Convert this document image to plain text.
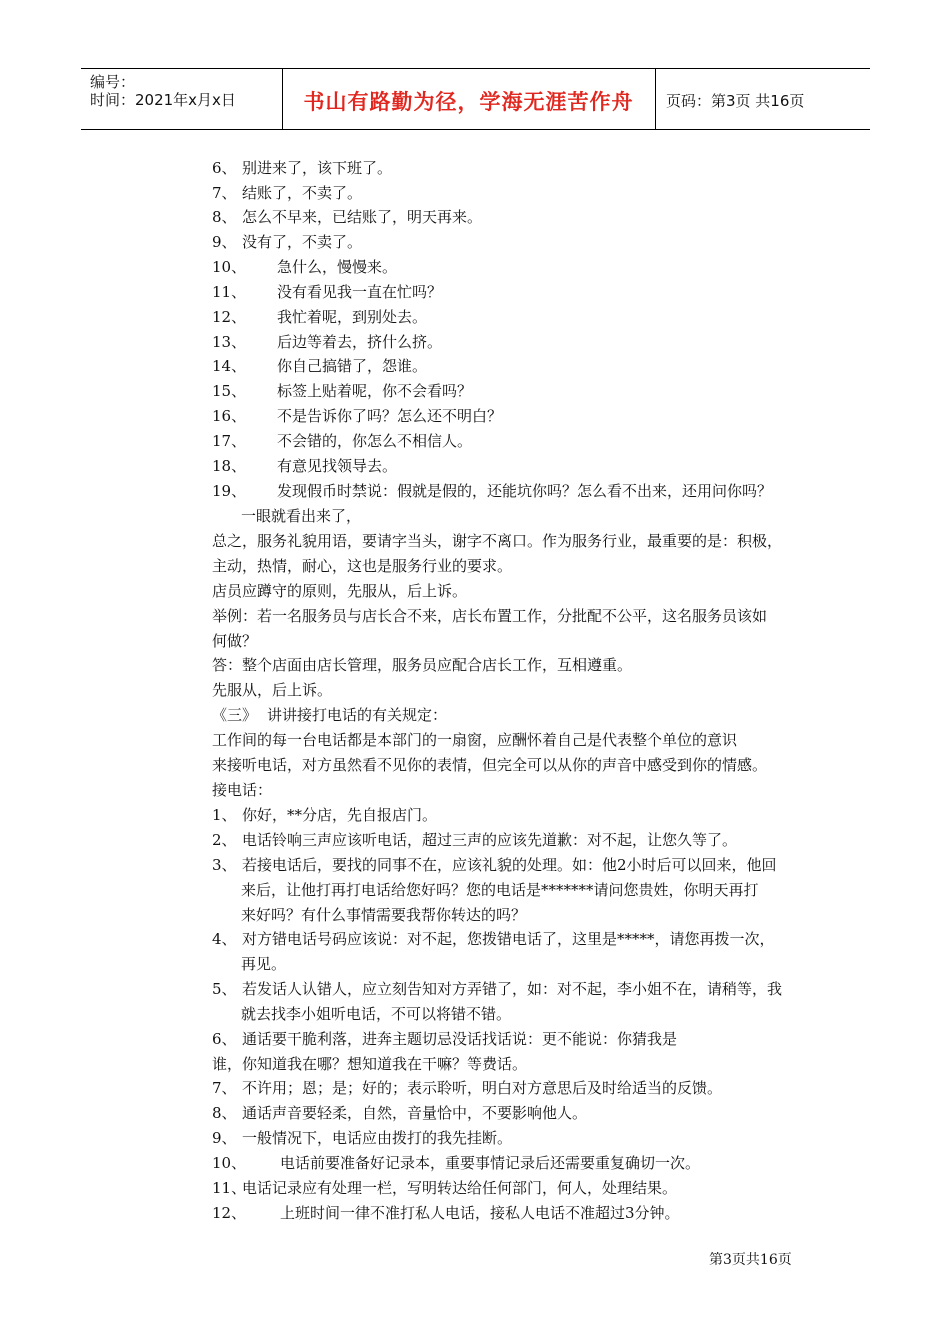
编号：
时间：2021年x月x日	书山有路勤为径，学海无涯苦作舟	页码：第3页 共16页
6、 别进来了，该下班了。
7、 结账了，不卖了。
8、 怎么不早来，已结账了，明天再来。
9、 没有了，不卖了。
10、 急什么，慢慢来。
11、 没有看见我一直在忙吗？
12、 我忙着呢，到别处去。
13、 后边等着去，挤什么挤。
14、 你自己搞错了，怨谁。
15、 标签上贴着呢，你不会看吗？
16、 不是告诉你了吗？怎么还不明白？
17、 不会错的，你怎么不相信人。
18、 有意见找领导去。
19、 发现假币时禁说：假就是假的，还能坑你吗？怎么看不出来，还用问你吗？
一眼就看出来了，
总之，服务礼貌用语，要请字当头，谢字不离口。作为服务行业，最重要的是：积极，
主动，热情，耐心，这也是服务行业的要求。
店员应蹲守的原则，先服从，后上诉。
举例：若一名服务员与店长合不来，店长布置工作，分批配不公平，这名服务员该如
何做？
答：整个店面由店长管理，服务员应配合店长工作，互相遵重。
先服从，后上诉。
《三》 讲讲接打电话的有关规定：
工作间的每一台电话都是本部门的一扇窗，应酬怀着自己是代表整个单位的意识
来接听电话，对方虽然看不见你的表情，但完全可以从你的声音中感受到你的情感。
接电话：
1、 你好，**分店，先自报店门。
2、 电话铃响三声应该听电话，超过三声的应该先道歉：对不起，让您久等了。
3、 若接电话后，要找的同事不在，应该礼貌的处理。如：他2小时后可以回来，他回
来后，让他打再打电话给您好吗？您的电话是*******请问您贵姓，你明天再打
来好吗？有什么事情需要我帮你转达的吗？
4、 对方错电话号码应该说：对不起，您拨错电话了，这里是*****，请您再拨一次，
再见。
5、 若发话人认错人，应立刻告知对方弄错了，如：对不起，李小姐不在，请稍等，我
就去找李小姐听电话，不可以将错不错。
6、 通话要干脆利落，进奔主题切忌没话找话说：更不能说：你猜我是
谁，你知道我在哪？想知道我在干嘛？等费话。
7、 不许用；恩；是；好的；表示聆听，明白对方意思后及时给适当的反馈。
8、 通话声音要轻柔，自然，音量恰中，不要影响他人。
9、 一般情况下，电话应由拨打的我先挂断。
10、 电话前要准备好记录本，重要事情记录后还需要重复确切一次。
11、电话记录应有处理一栏，写明转达给任何部门，何人，处理结果。
12、 上班时间一律不准打私人电话，接私人电话不准超过3分钟。
第3页共16页
